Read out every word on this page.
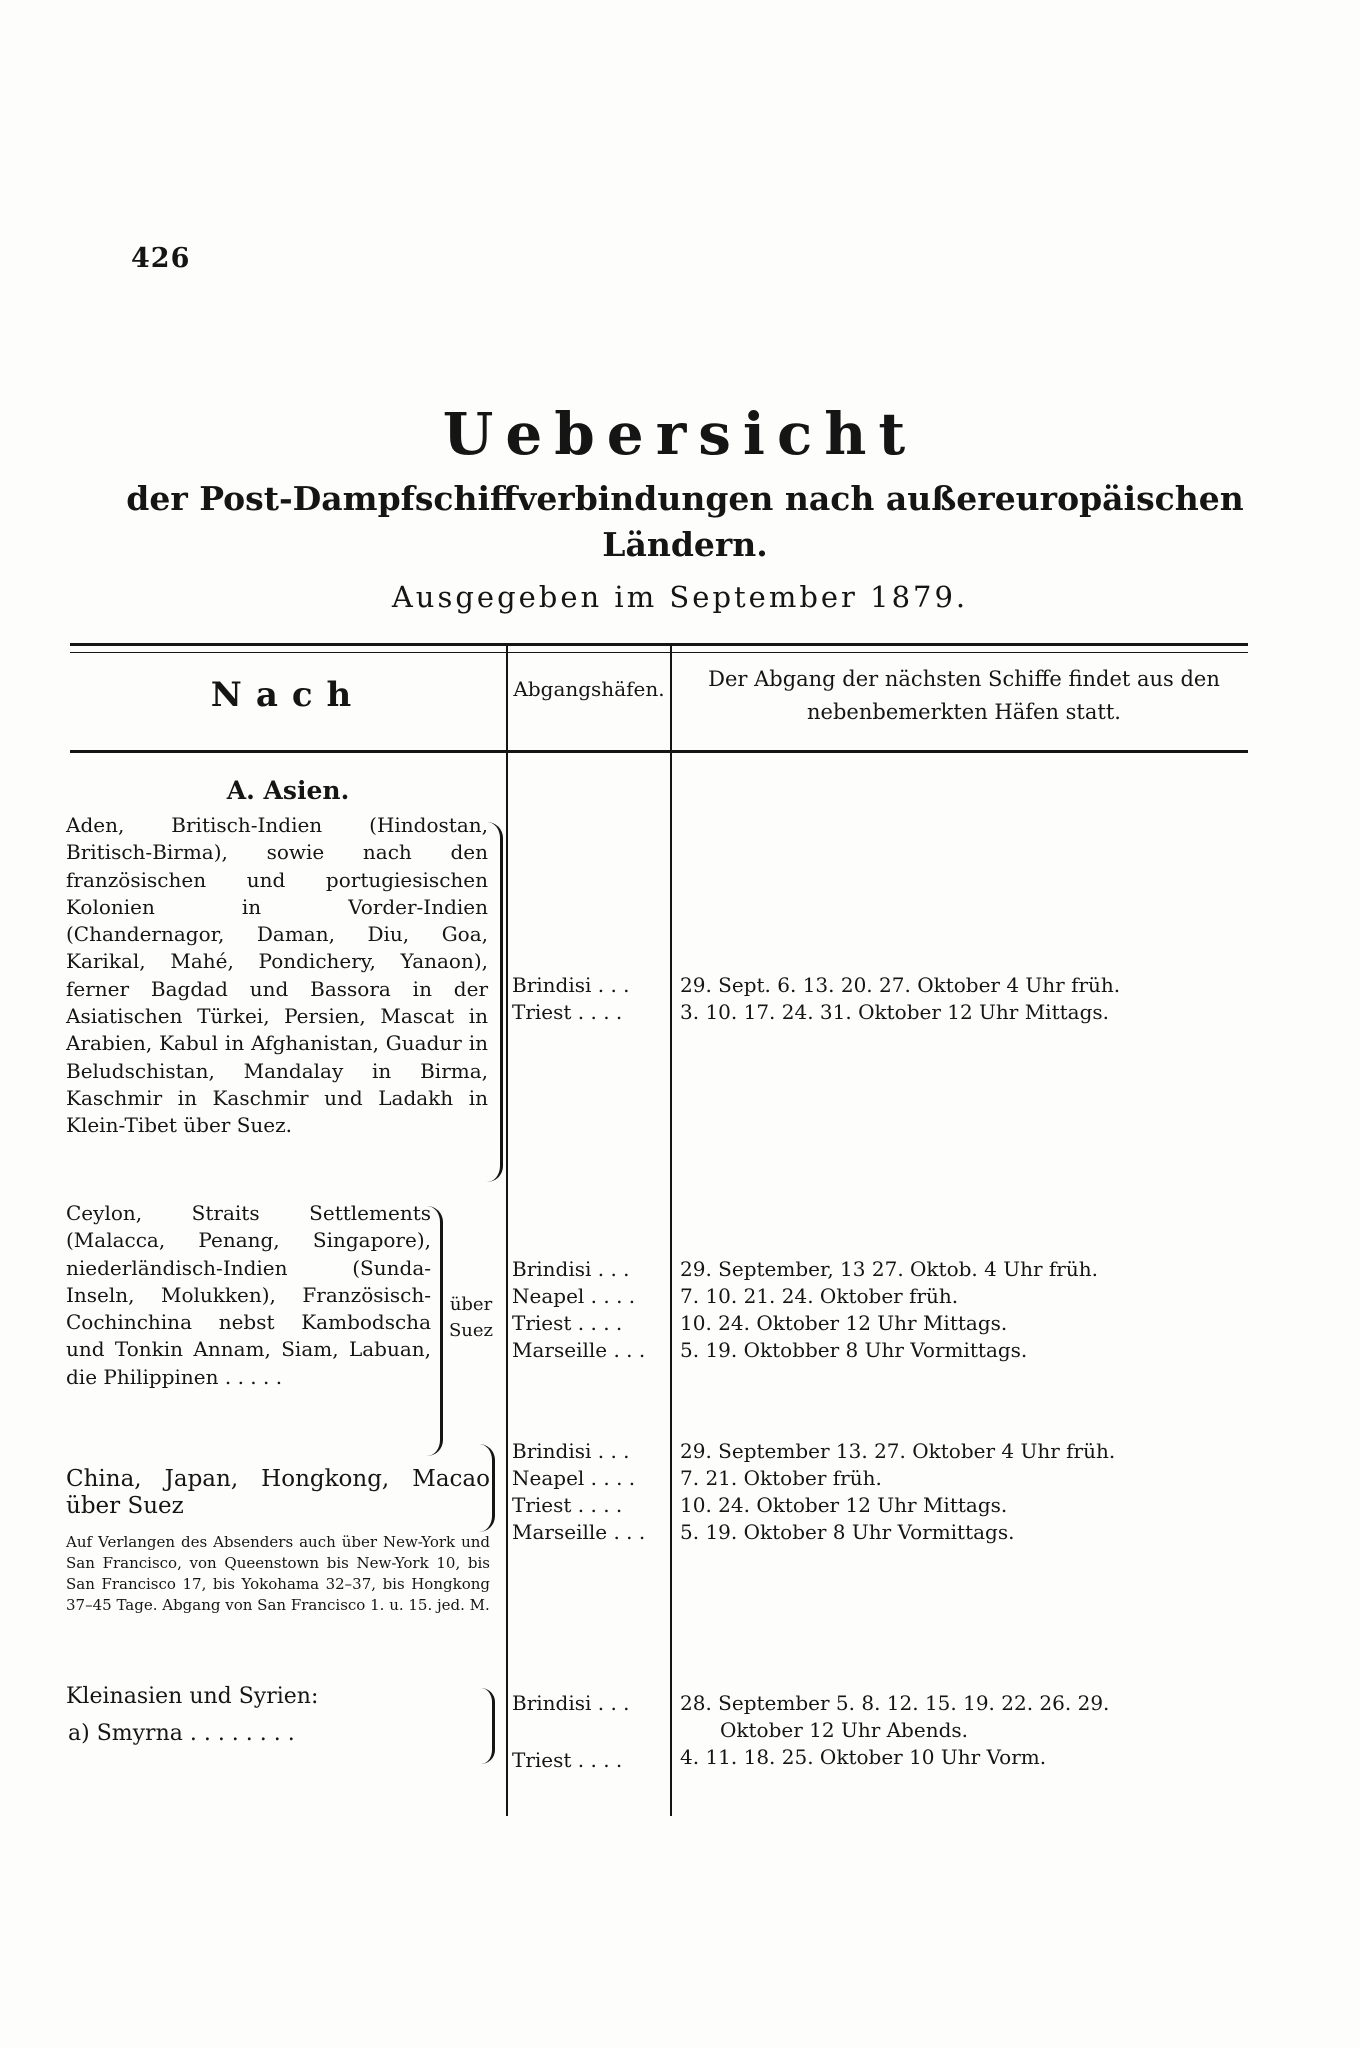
426
Uebersicht
der Post-Dampfschiffverbindungen nach außereuropäischen Ländern.
Ausgegeben im September 1879.
Nach	Abgangshäfen.	Der Abgang der nächsten Schiffe findet aus den nebenbemerkten Häfen statt.
A. Asien.
Aden, Britisch-Indien (Hindostan, Britisch-Birma), sowie nach den französischen und portugiesischen Kolonien in Vorder-Indien (Chandernagor, Daman, Diu, Goa, Karikal, Mahé, Pondichery, Yanaon), ferner Bagdad und Bassora in der Asiatischen Türkei, Persien, Mascat in Arabien, Kabul in Afghanistan, Guadur in Beludschistan, Mandalay in Birma, Kaschmir in Kaschmir und Ladakh in Klein-Tibet über Suez.
Brindisi . . .
Triest . . . .
29. Sept. 6. 13. 20. 27. Oktober 4 Uhr früh.
3. 10. 17. 24. 31. Oktober 12 Uhr Mittags.
Ceylon, Straits Settlements (Malacca, Penang, Singapore), niederländisch-Indien (Sunda-Inseln, Molukken), Französisch-Cochinchina nebst Kambodscha und Tonkin Annam, Siam, Labuan, die Philippinen . . . . .
über Suez
Brindisi . . .
Neapel . . . .
Triest . . . .
Marseille . . .
29. September, 13 27. Oktob. 4 Uhr früh.
7. 10. 21. 24. Oktober früh.
10. 24. Oktober 12 Uhr Mittags.
5. 19. Oktobber 8 Uhr Vormittags.
China, Japan, Hongkong, Macao über Suez
Auf Verlangen des Absenders auch über New-York und San Francisco, von Queenstown bis New-York 10, bis San Francisco 17, bis Yokohama 32–37, bis Hongkong 37–45 Tage. Abgang von San Francisco 1. u. 15. jed. M.
Brindisi . . .
Neapel . . . .
Triest . . . .
Marseille . . .
29. September 13. 27. Oktober 4 Uhr früh.
7. 21. Oktober früh.
10. 24. Oktober 12 Uhr Mittags.
5. 19. Oktober 8 Uhr Vormittags.
Kleinasien und Syrien:
a) Smyrna . . . . . . . .
Brindisi . . .
Triest . . . .
28. September 5. 8. 12. 15. 19. 22. 26. 29.
Oktober 12 Uhr Abends.
4. 11. 18. 25. Oktober 10 Uhr Vorm.
